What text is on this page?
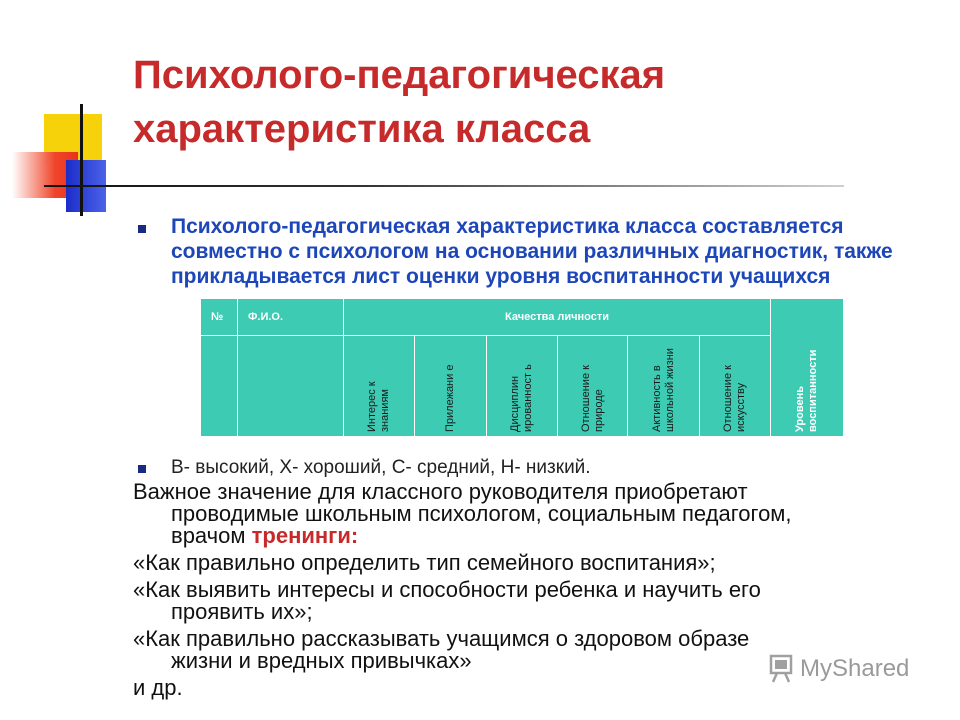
Психолого-педагогическая
характеристика класса

Психолого-педагогическая характеристика класса составляется совместно с психологом на основании различных диагностик, также прикладывается лист оценки уровня воспитанности учащихся

№	Ф.И.О.	Качества личности						Уровень воспитанности

		Интерес к знаниям	Прилежани е	Дисциплин ированност ь	Отношение к природе	Активность в школьной жизни	Отношение к искусству	

В- высокий, Х- хороший, С- средний, Н- низкий.

Важное значение для классного руководителя приобретают
проводимые школьным психологом, социальным педагогом,
врачом тренинги:

«Как правильно определить тип семейного воспитания»;

«Как выявить интересы и способности ребенка и научить его
проявить их»;

«Как правильно рассказывать учащимся о здоровом образе
жизни и вредных привычках»

и др.

MyShared
